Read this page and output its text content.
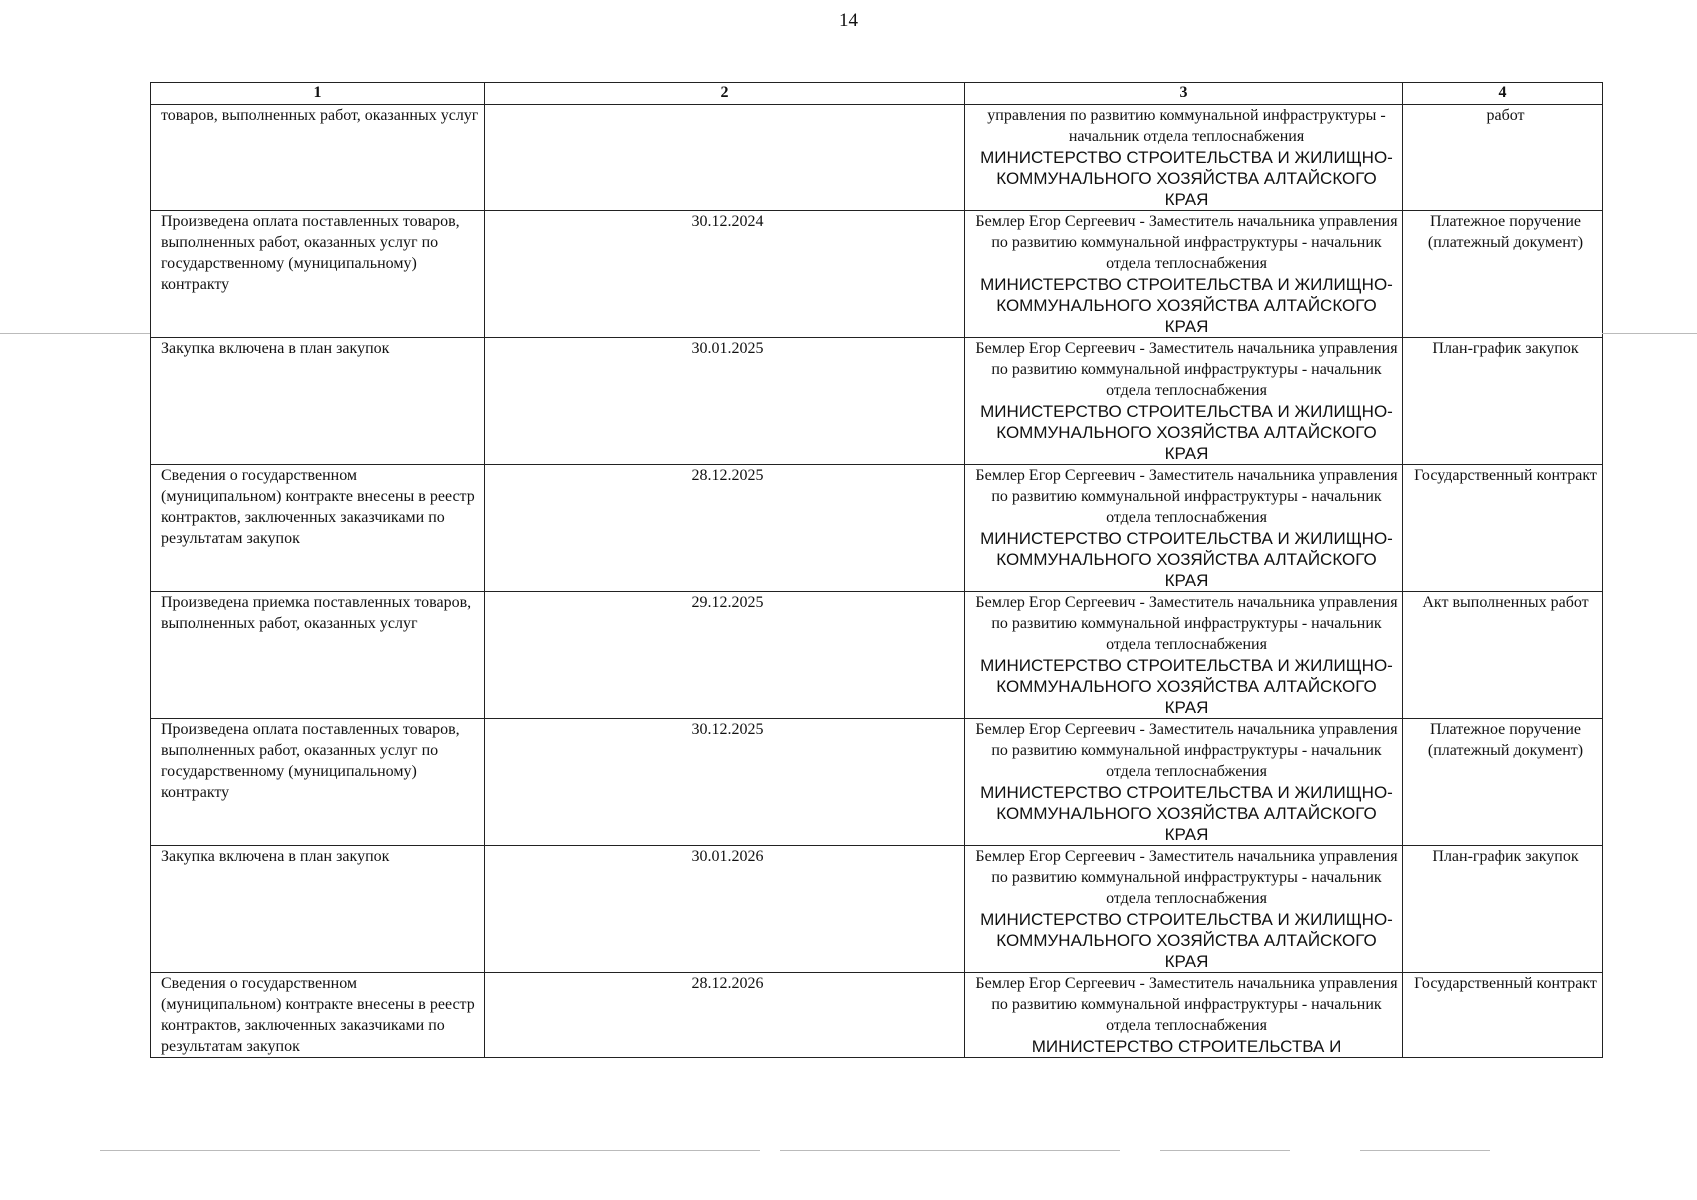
14
1	2	3	4
товаров, выполненных работ, оказанных услуг		управления по развитию коммунальной инфраструктуры - начальник отдела теплоснабжения
МИНИСТЕРСТВО СТРОИТЕЛЬСТВА И ЖИЛИЩНО-КОММУНАЛЬНОГО ХОЗЯЙСТВА АЛТАЙСКОГО КРАЯ	работ
Произведена оплата поставленных товаров, выполненных работ, оказанных услуг по государственному (муниципальному) контракту	30.12.2024	Бемлер Егор Сергеевич - Заместитель начальника управления по развитию коммунальной инфраструктуры - начальник отдела теплоснабжения
МИНИСТЕРСТВО СТРОИТЕЛЬСТВА И ЖИЛИЩНО-КОММУНАЛЬНОГО ХОЗЯЙСТВА АЛТАЙСКОГО КРАЯ	Платежное поручение (платежный документ)
Закупка включена в план закупок	30.01.2025	Бемлер Егор Сергеевич - Заместитель начальника управления по развитию коммунальной инфраструктуры - начальник отдела теплоснабжения
МИНИСТЕРСТВО СТРОИТЕЛЬСТВА И ЖИЛИЩНО-КОММУНАЛЬНОГО ХОЗЯЙСТВА АЛТАЙСКОГО КРАЯ	План-график закупок
Сведения о государственном (муниципальном) контракте внесены в реестр контрактов, заключенных заказчиками по результатам закупок	28.12.2025	Бемлер Егор Сергеевич - Заместитель начальника управления по развитию коммунальной инфраструктуры - начальник отдела теплоснабжения
МИНИСТЕРСТВО СТРОИТЕЛЬСТВА И ЖИЛИЩНО-КОММУНАЛЬНОГО ХОЗЯЙСТВА АЛТАЙСКОГО КРАЯ	Государственный контракт
Произведена приемка поставленных товаров, выполненных работ, оказанных услуг	29.12.2025	Бемлер Егор Сергеевич - Заместитель начальника управления по развитию коммунальной инфраструктуры - начальник отдела теплоснабжения
МИНИСТЕРСТВО СТРОИТЕЛЬСТВА И ЖИЛИЩНО-КОММУНАЛЬНОГО ХОЗЯЙСТВА АЛТАЙСКОГО КРАЯ	Акт выполненных работ
Произведена оплата поставленных товаров, выполненных работ, оказанных услуг по государственному (муниципальному) контракту	30.12.2025	Бемлер Егор Сергеевич - Заместитель начальника управления по развитию коммунальной инфраструктуры - начальник отдела теплоснабжения
МИНИСТЕРСТВО СТРОИТЕЛЬСТВА И ЖИЛИЩНО-КОММУНАЛЬНОГО ХОЗЯЙСТВА АЛТАЙСКОГО КРАЯ	Платежное поручение (платежный документ)
Закупка включена в план закупок	30.01.2026	Бемлер Егор Сергеевич - Заместитель начальника управления по развитию коммунальной инфраструктуры - начальник отдела теплоснабжения
МИНИСТЕРСТВО СТРОИТЕЛЬСТВА И ЖИЛИЩНО-КОММУНАЛЬНОГО ХОЗЯЙСТВА АЛТАЙСКОГО КРАЯ	План-график закупок
Сведения о государственном (муниципальном) контракте внесены в реестр контрактов, заключенных заказчиками по результатам закупок	28.12.2026	Бемлер Егор Сергеевич - Заместитель начальника управления по развитию коммунальной инфраструктуры - начальник отдела теплоснабжения
МИНИСТЕРСТВО СТРОИТЕЛЬСТВА И	Государственный контракт
